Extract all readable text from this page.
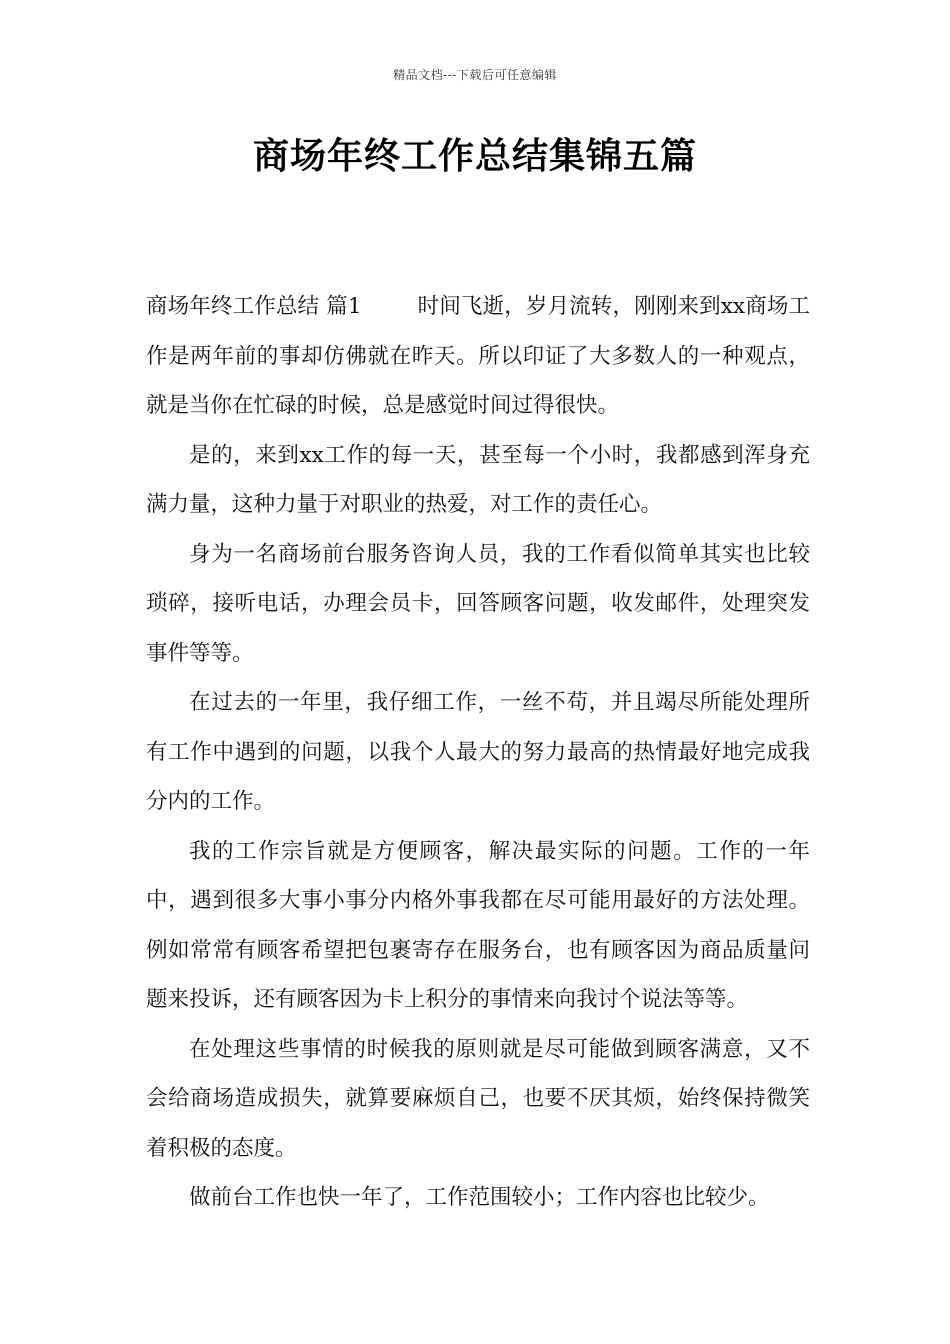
精品文档---下载后可任意编辑
商场年终工作总结集锦五篇

商场年终工作总结 篇1	时间飞逝，岁月流转，刚刚来到xx商场工作是两年前的事却仿佛就在昨天。所以印证了大多数人的一种观点，就是当你在忙碌的时候，总是感觉时间过得很快。

是的，来到xx工作的每一天，甚至每一个小时，我都感到浑身充满力量，这种力量于对职业的热爱，对工作的责任心。

身为一名商场前台服务咨询人员，我的工作看似简单其实也比较琐碎，接听电话，办理会员卡，回答顾客问题，收发邮件，处理突发事件等等。

在过去的一年里，我仔细工作，一丝不苟，并且竭尽所能处理所有工作中遇到的问题，以我个人最大的努力最高的热情最好地完成我分内的工作。

我的工作宗旨就是方便顾客，解决最实际的问题。工作的一年中，遇到很多大事小事分内格外事我都在尽可能用最好的方法处理。例如常常有顾客希望把包裹寄存在服务台，也有顾客因为商品质量问题来投诉，还有顾客因为卡上积分的事情来向我讨个说法等等。

在处理这些事情的时候我的原则就是尽可能做到顾客满意，又不会给商场造成损失，就算要麻烦自己，也要不厌其烦，始终保持微笑着积极的态度。

做前台工作也快一年了，工作范围较小；工作内容也比较少。
